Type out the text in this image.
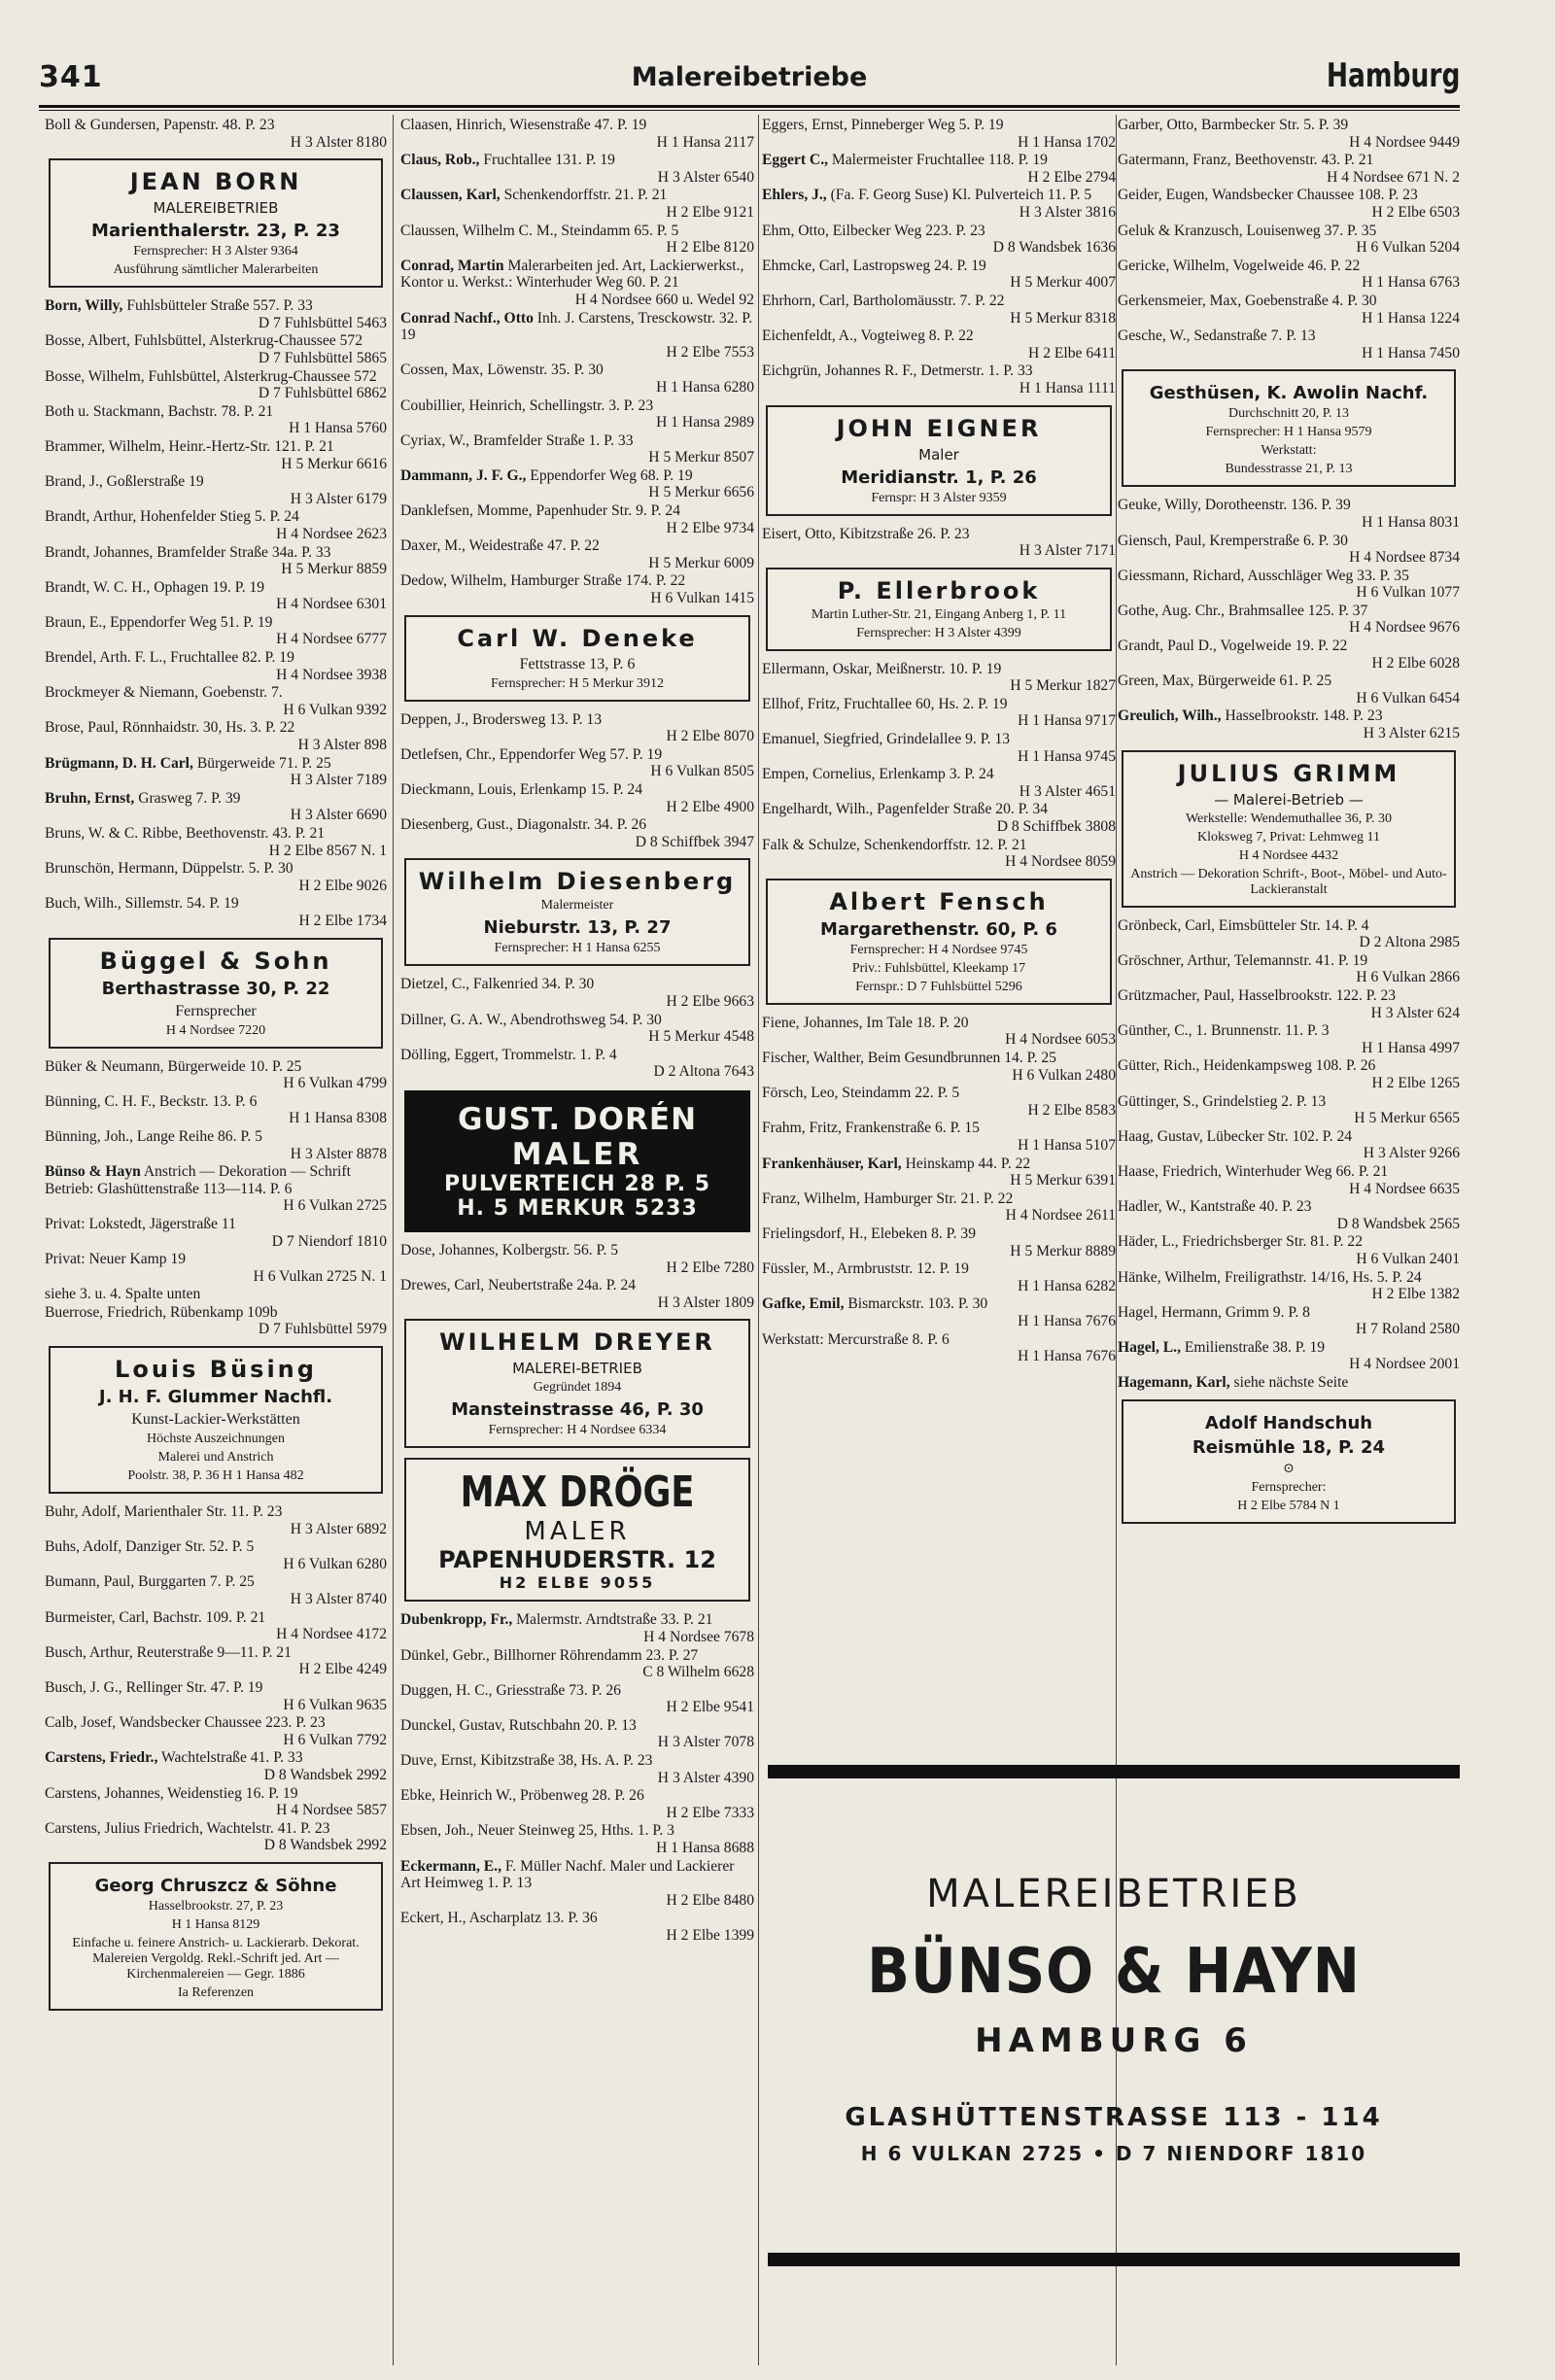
341	Malereibetriebe	Hamburg
Boll & Gundersen, Papenstr. 48. P. 23
H 3 Alster 8180
JEAN BORN
MALEREIBETRIEB
Marienthalerstr. 23, P. 23
Fernsprecher: H 3 Alster 9364
Ausführung sämtlicher Malerarbeiten
Born, Willy, Fuhlsbütteler Straße 557. P. 33
D 7 Fuhlsbüttel 5463
Bosse, Albert, Fuhlsbüttel, Alsterkrug-Chaussee 572
D 7 Fuhlsbüttel 5865
Bosse, Wilhelm, Fuhlsbüttel, Alsterkrug-Chaussee 572
D 7 Fuhlsbüttel 6862
Both u. Stackmann, Bachstr. 78. P. 21
H 1 Hansa 5760
Brammer, Wilhelm, Heinr.-Hertz-Str. 121. P. 21
H 5 Merkur 6616
Brand, J., Goßlerstraße 19
H 3 Alster 6179
Brandt, Arthur, Hohenfelder Stieg 5. P. 24
H 4 Nordsee 2623
Brandt, Johannes, Bramfelder Straße 34a. P. 33
H 5 Merkur 8859
Brandt, W. C. H., Ophagen 19. P. 19
H 4 Nordsee 6301
Braun, E., Eppendorfer Weg 51. P. 19
H 4 Nordsee 6777
Brendel, Arth. F. L., Fruchtallee 82. P. 19
H 4 Nordsee 3938
Brockmeyer & Niemann, Goebenstr. 7.
H 6 Vulkan 9392
Brose, Paul, Rönnhaidstr. 30, Hs. 3. P. 22
H 3 Alster 898
Brügmann, D. H. Carl, Bürgerweide 71. P. 25
H 3 Alster 7189
Bruhn, Ernst, Grasweg 7. P. 39
H 3 Alster 6690
Bruns, W. & C. Ribbe, Beethovenstr. 43. P. 21
H 2 Elbe 8567 N. 1
Brunschön, Hermann, Düppelstr. 5. P. 30
H 2 Elbe 9026
Buch, Wilh., Sillemstr. 54. P. 19
H 2 Elbe 1734
Büggel & Sohn
Berthastrasse 30, P. 22
Fernsprecher
H 4 Nordsee 7220
Büker & Neumann, Bürgerweide 10. P. 25
H 6 Vulkan 4799
Bünning, C. H. F., Beckstr. 13. P. 6
H 1 Hansa 8308
Bünning, Joh., Lange Reihe 86. P. 5
H 3 Alster 8878
Bünso & Hayn Anstrich — Dekoration — Schrift Betrieb: Glashüttenstraße 113—114. P. 6
H 6 Vulkan 2725
Privat: Lokstedt, Jägerstraße 11
D 7 Niendorf 1810
Privat: Neuer Kamp 19
H 6 Vulkan 2725 N. 1
siehe 3. u. 4. Spalte unten
Buerrose, Friedrich, Rübenkamp 109b
D 7 Fuhlsbüttel 5979
Louis Büsing
J. H. F. Glummer Nachfl.
Kunst-Lackier-Werkstätten
Höchste Auszeichnungen
Malerei und Anstrich
Poolstr. 38, P. 36 H 1 Hansa 482
Buhr, Adolf, Marienthaler Str. 11. P. 23
H 3 Alster 6892
Buhs, Adolf, Danziger Str. 52. P. 5
H 6 Vulkan 6280
Bumann, Paul, Burggarten 7. P. 25
H 3 Alster 8740
Burmeister, Carl, Bachstr. 109. P. 21
H 4 Nordsee 4172
Busch, Arthur, Reuterstraße 9—11. P. 21
H 2 Elbe 4249
Busch, J. G., Rellinger Str. 47. P. 19
H 6 Vulkan 9635
Calb, Josef, Wandsbecker Chaussee 223. P. 23
H 6 Vulkan 7792
Carstens, Friedr., Wachtelstraße 41. P. 33
D 8 Wandsbek 2992
Carstens, Johannes, Weidenstieg 16. P. 19
H 4 Nordsee 5857
Carstens, Julius Friedrich, Wachtelstr. 41. P. 23
D 8 Wandsbek 2992
Georg Chruszcz & Söhne
Hasselbrookstr. 27, P. 23
H 1 Hansa 8129
Einfache u. feinere Anstrich- u. Lackierarb. Dekorat. Malereien Vergoldg. Rekl.-Schrift jed. Art —Kirchenmalereien — Gegr. 1886
Ia Referenzen
Claasen, Hinrich, Wiesenstraße 47. P. 19
H 1 Hansa 2117
Claus, Rob., Fruchtallee 131. P. 19
H 3 Alster 6540
Claussen, Karl, Schenkendorffstr. 21. P. 21
H 2 Elbe 9121
Claussen, Wilhelm C. M., Steindamm 65. P. 5
H 2 Elbe 8120
Conrad, Martin Malerarbeiten jed. Art, Lackierwerkst., Kontor u. Werkst.: Winterhuder Weg 60. P. 21
H 4 Nordsee 660 u. Wedel 92
Conrad Nachf., Otto Inh. J. Carstens, Tresckowstr. 32. P. 19
H 2 Elbe 7553
Cossen, Max, Löwenstr. 35. P. 30
H 1 Hansa 6280
Coubillier, Heinrich, Schellingstr. 3. P. 23
H 1 Hansa 2989
Cyriax, W., Bramfelder Straße 1. P. 33
H 5 Merkur 8507
Dammann, J. F. G., Eppendorfer Weg 68. P. 19
H 5 Merkur 6656
Danklefsen, Momme, Papenhuder Str. 9. P. 24
H 2 Elbe 9734
Daxer, M., Weidestraße 47. P. 22
H 5 Merkur 6009
Dedow, Wilhelm, Hamburger Straße 174. P. 22
H 6 Vulkan 1415
Carl W. Deneke
Fettstrasse 13, P. 6
Fernsprecher: H 5 Merkur 3912
Deppen, J., Brodersweg 13. P. 13
H 2 Elbe 8070
Detlefsen, Chr., Eppendorfer Weg 57. P. 19
H 6 Vulkan 8505
Dieckmann, Louis, Erlenkamp 15. P. 24
H 2 Elbe 4900
Diesenberg, Gust., Diagonalstr. 34. P. 26
D 8 Schiffbek 3947
Wilhelm Diesenberg
Malermeister
Nieburstr. 13, P. 27
Fernsprecher: H 1 Hansa 6255
Dietzel, C., Falkenried 34. P. 30
H 2 Elbe 9663
Dillner, G. A. W., Abendrothsweg 54. P. 30
H 5 Merkur 4548
Dölling, Eggert, Trommelstr. 1. P. 4
D 2 Altona 7643
GUST. DORÉN
MALER
PULVERTEICH 28 P. 5
H. 5 MERKUR 5233
Dose, Johannes, Kolbergstr. 56. P. 5
H 2 Elbe 7280
Drewes, Carl, Neubertstraße 24a. P. 24
H 3 Alster 1809
WILHELM DREYER
MALEREI-BETRIEB
Gegründet 1894
Mansteinstrasse 46, P. 30
Fernsprecher: H 4 Nordsee 6334
MAX DRÖGE
MALER
PAPENHUDERSTR. 12
H2 ELBE 9055
Dubenkropp, Fr., Malermstr. Arndtstraße 33. P. 21
H 4 Nordsee 7678
Dünkel, Gebr., Billhorner Röhrendamm 23. P. 27
C 8 Wilhelm 6628
Duggen, H. C., Griesstraße 73. P. 26
H 2 Elbe 9541
Dunckel, Gustav, Rutschbahn 20. P. 13
H 3 Alster 7078
Duve, Ernst, Kibitzstraße 38, Hs. A. P. 23
H 3 Alster 4390
Ebke, Heinrich W., Pröbenweg 28. P. 26
H 2 Elbe 7333
Ebsen, Joh., Neuer Steinweg 25, Hths. 1. P. 3
H 1 Hansa 8688
Eckermann, E., F. Müller Nachf. Maler und Lackierer Art Heimweg 1. P. 13
H 2 Elbe 8480
Eckert, H., Ascharplatz 13. P. 36
H 2 Elbe 1399
Eggers, Ernst, Pinneberger Weg 5. P. 19
H 1 Hansa 1702
Eggert C., Malermeister Fruchtallee 118. P. 19
H 2 Elbe 2794
Ehlers, J., (Fa. F. Georg Suse) Kl. Pulverteich 11. P. 5
H 3 Alster 3816
Ehm, Otto, Eilbecker Weg 223. P. 23
D 8 Wandsbek 1636
Ehmcke, Carl, Lastropsweg 24. P. 19
H 5 Merkur 4007
Ehrhorn, Carl, Bartholomäusstr. 7. P. 22
H 5 Merkur 8318
Eichenfeldt, A., Vogteiweg 8. P. 22
H 2 Elbe 6411
Eichgrün, Johannes R. F., Detmerstr. 1. P. 33
H 1 Hansa 1111
JOHN EIGNER
Maler
Meridianstr. 1, P. 26
Fernspr: H 3 Alster 9359
Eisert, Otto, Kibitzstraße 26. P. 23
H 3 Alster 7171
P. Ellerbrook
Martin Luther-Str. 21, Eingang Anberg 1, P. 11
Fernsprecher: H 3 Alster 4399
Ellermann, Oskar, Meißnerstr. 10. P. 19
H 5 Merkur 1827
Ellhof, Fritz, Fruchtallee 60, Hs. 2. P. 19
H 1 Hansa 9717
Emanuel, Siegfried, Grindelallee 9. P. 13
H 1 Hansa 9745
Empen, Cornelius, Erlenkamp 3. P. 24
H 3 Alster 4651
Engelhardt, Wilh., Pagenfelder Straße 20. P. 34
D 8 Schiffbek 3808
Falk & Schulze, Schenkendorffstr. 12. P. 21
H 4 Nordsee 8059
Albert Fensch
Margarethenstr. 60, P. 6
Fernsprecher: H 4 Nordsee 9745
Priv.: Fuhlsbüttel, Kleekamp 17
Fernspr.: D 7 Fuhlsbüttel 5296
Fiene, Johannes, Im Tale 18. P. 20
H 4 Nordsee 6053
Fischer, Walther, Beim Gesundbrunnen 14. P. 25
H 6 Vulkan 2480
Försch, Leo, Steindamm 22. P. 5
H 2 Elbe 8583
Frahm, Fritz, Frankenstraße 6. P. 15
H 1 Hansa 5107
Frankenhäuser, Karl, Heinskamp 44. P. 22
H 5 Merkur 6391
Franz, Wilhelm, Hamburger Str. 21. P. 22
H 4 Nordsee 2611
Frielingsdorf, H., Elebeken 8. P. 39
H 5 Merkur 8889
Füssler, M., Armbruststr. 12. P. 19
H 1 Hansa 6282
Gafke, Emil, Bismarckstr. 103. P. 30
H 1 Hansa 7676
Werkstatt: Mercurstraße 8. P. 6
H 1 Hansa 7676
Garber, Otto, Barmbecker Str. 5. P. 39
H 4 Nordsee 9449
Gatermann, Franz, Beethovenstr. 43. P. 21
H 4 Nordsee 671 N. 2
Geider, Eugen, Wandsbecker Chaussee 108. P. 23
H 2 Elbe 6503
Geluk & Kranzusch, Louisenweg 37. P. 35
H 6 Vulkan 5204
Gericke, Wilhelm, Vogelweide 46. P. 22
H 1 Hansa 6763
Gerkensmeier, Max, Goebenstraße 4. P. 30
H 1 Hansa 1224
Gesche, W., Sedanstraße 7. P. 13
H 1 Hansa 7450
Gesthüsen, K. Awolin Nachf.
Durchschnitt 20, P. 13
Fernsprecher: H 1 Hansa 9579
Werkstatt:
Bundesstrasse 21, P. 13
Geuke, Willy, Dorotheenstr. 136. P. 39
H 1 Hansa 8031
Giensch, Paul, Kremperstraße 6. P. 30
H 4 Nordsee 8734
Giessmann, Richard, Ausschläger Weg 33. P. 35
H 6 Vulkan 1077
Gothe, Aug. Chr., Brahmsallee 125. P. 37
H 4 Nordsee 9676
Grandt, Paul D., Vogelweide 19. P. 22
H 2 Elbe 6028
Green, Max, Bürgerweide 61. P. 25
H 6 Vulkan 6454
Greulich, Wilh., Hasselbrookstr. 148. P. 23
H 3 Alster 6215
JULIUS GRIMM
— Malerei-Betrieb —
Werkstelle: Wendemuthallee 36, P. 30
Kloksweg 7, Privat: Lehmweg 11
H 4 Nordsee 4432
Anstrich — Dekoration Schrift-, Boot-, Möbel- und Auto-Lackieranstalt
Grönbeck, Carl, Eimsbütteler Str. 14. P. 4
D 2 Altona 2985
Gröschner, Arthur, Telemannstr. 41. P. 19
H 6 Vulkan 2866
Grützmacher, Paul, Hasselbrookstr. 122. P. 23
H 3 Alster 624
Günther, C., 1. Brunnenstr. 11. P. 3
H 1 Hansa 4997
Gütter, Rich., Heidenkampsweg 108. P. 26
H 2 Elbe 1265
Güttinger, S., Grindelstieg 2. P. 13
H 5 Merkur 6565
Haag, Gustav, Lübecker Str. 102. P. 24
H 3 Alster 9266
Haase, Friedrich, Winterhuder Weg 66. P. 21
H 4 Nordsee 6635
Hadler, W., Kantstraße 40. P. 23
D 8 Wandsbek 2565
Häder, L., Friedrichsberger Str. 81. P. 22
H 6 Vulkan 2401
Hänke, Wilhelm, Freiligrathstr. 14/16, Hs. 5. P. 24
H 2 Elbe 1382
Hagel, Hermann, Grimm 9. P. 8
H 7 Roland 2580
Hagel, L., Emilienstraße 38. P. 19
H 4 Nordsee 2001
Hagemann, Karl, siehe nächste Seite
Adolf Handschuh
Reismühle 18, P. 24
⊙
Fernsprecher:
H 2 Elbe 5784 N 1
MALEREIBETRIEB
BÜNSO & HAYN
HAMBURG 6
GLASHÜTTENSTRASSE 113 - 114
H 6 VULKAN 2725 • D 7 NIENDORF 1810
